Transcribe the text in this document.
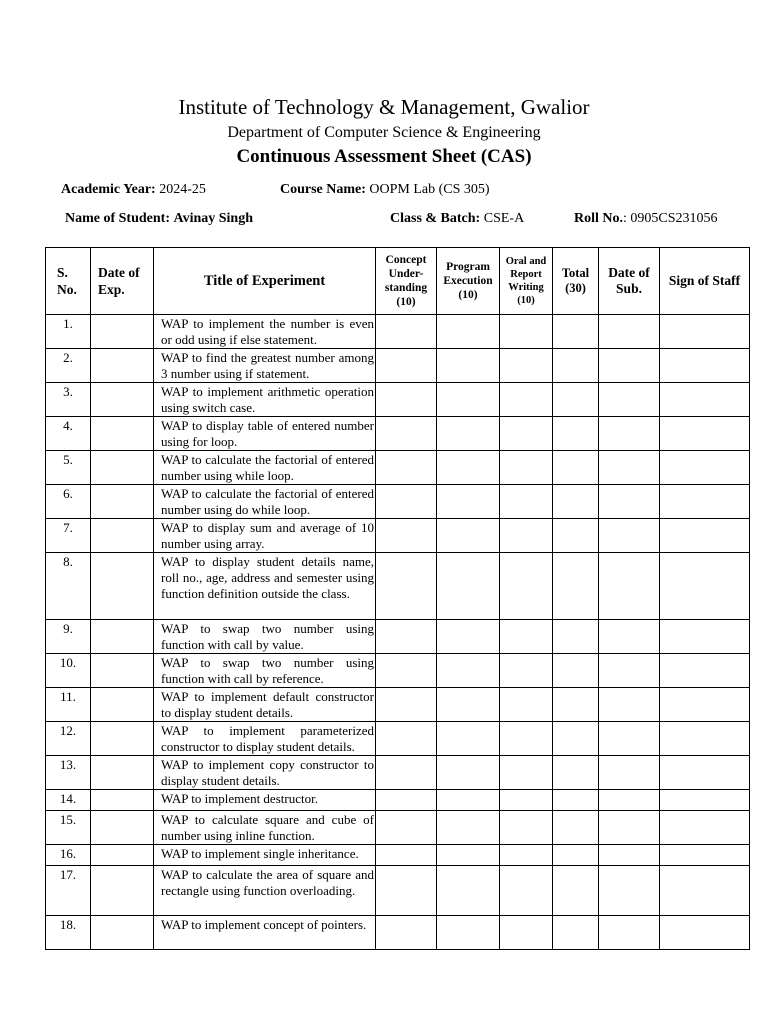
Institute of Technology & Management, Gwalior
Department of Computer Science & Engineering
Continuous Assessment Sheet (CAS)
Academic Year: 2024-25	Course Name: OOPM Lab (CS 305)
Name of Student: Avinay Singh	Class & Batch: CSE-A	Roll No.: 0905CS231056
S. No.	Date of Exp.	Title of Experiment	Concept Under- standing (10)	Program Execution (10)	Oral and Report Writing (10)	Total (30)	Date of Sub.	Sign of Staff
1.		WAP to implement the number is even or odd using if else statement.						
2.		WAP to find the greatest number among 3 number using if statement.						
3.		WAP to implement arithmetic operation using switch case.						
4.		WAP to display table of entered number using for loop.						
5.		WAP to calculate the factorial of entered number using while loop.						
6.		WAP to calculate the factorial of entered number using do while loop.						
7.		WAP to display sum and average of 10 number using array.						
8.		WAP to display student details name, roll no., age, address and semester using function definition outside the class.						
9.		WAP to swap two number using function with call by value.						
10.		WAP to swap two number using function with call by reference.						
11.		WAP to implement default constructor to display student details.						
12.		WAP to implement parameterized constructor to display student details.						
13.		WAP to implement copy constructor to display student details.						
14.		WAP to implement destructor.						
15.		WAP to calculate square and cube of number using inline function.						
16.		WAP to implement single inheritance.						
17.		WAP to calculate the area of square and rectangle using function overloading.						
18.		WAP to implement concept of pointers.						
